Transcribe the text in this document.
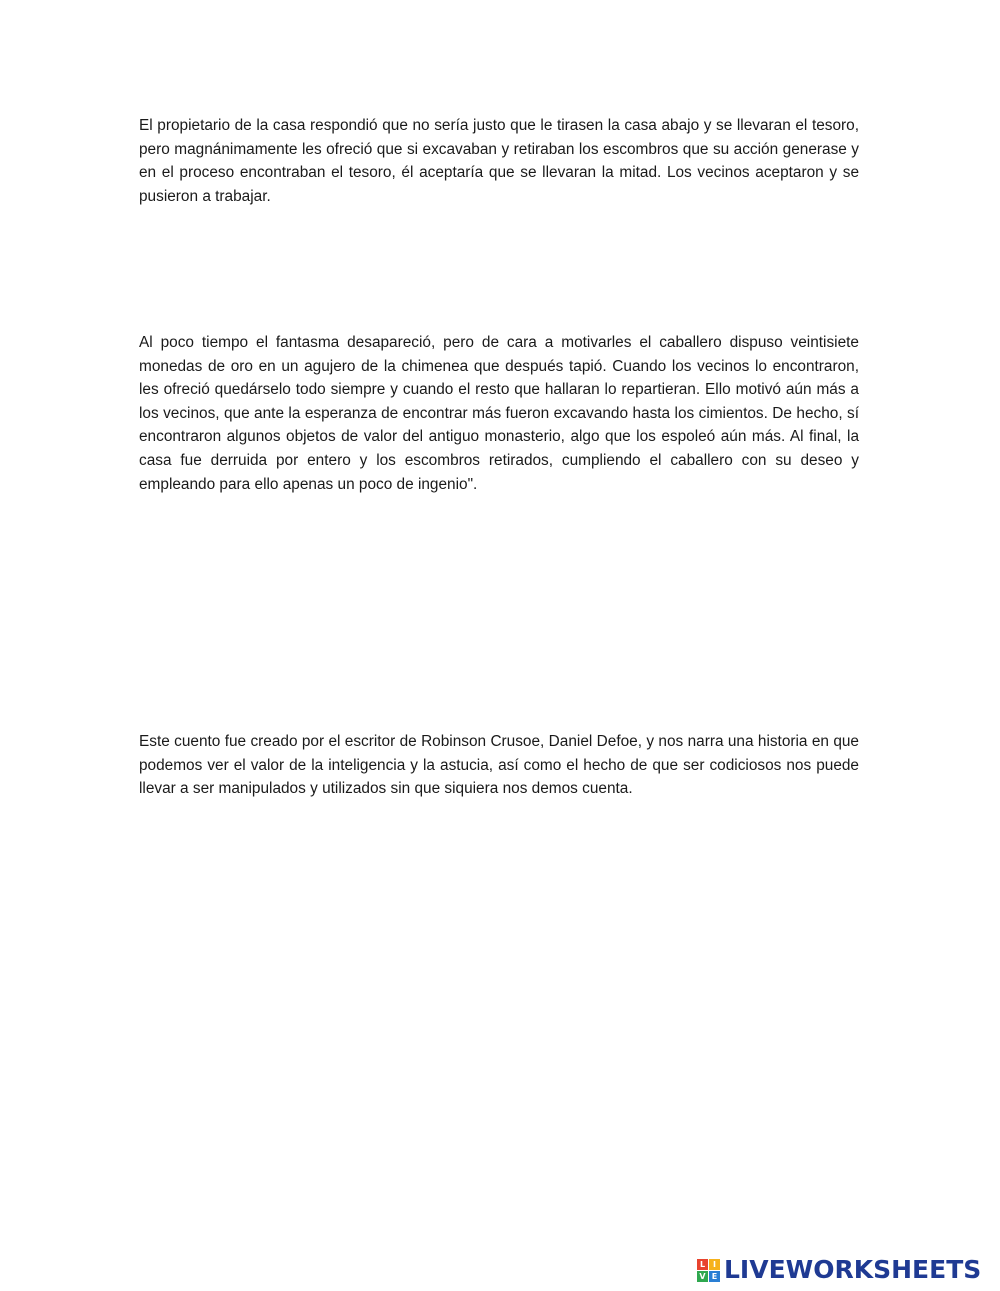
El propietario de la casa respondió que no sería justo que le tirasen la casa abajo y se llevaran el tesoro, pero magnánimamente les ofreció que si excavaban y retiraban los escombros que su acción generase y en el proceso encontraban el tesoro, él aceptaría que se llevaran la mitad. Los vecinos aceptaron y se pusieron a trabajar.

Al poco tiempo el fantasma desapareció, pero de cara a motivarles el caballero dispuso veintisiete monedas de oro en un agujero de la chimenea que después tapió. Cuando los vecinos lo encontraron, les ofreció quedárselo todo siempre y cuando el resto que hallaran lo repartieran. Ello motivó aún más a los vecinos, que ante la esperanza de encontrar más fueron excavando hasta los cimientos. De hecho, sí encontraron algunos objetos de valor del antiguo monasterio, algo que los espoleó aún más. Al final, la casa fue derruida por entero y los escombros retirados, cumpliendo el caballero con su deseo y empleando para ello apenas un poco de ingenio".

Este cuento fue creado por el escritor de Robinson Crusoe, Daniel Defoe, y nos narra una historia en que podemos ver el valor de la inteligencia y la astucia, así como el hecho de que ser codiciosos nos puede llevar a ser manipulados y utilizados sin que siquiera nos demos cuenta.

L I
V E LIVEWORKSHEETS
